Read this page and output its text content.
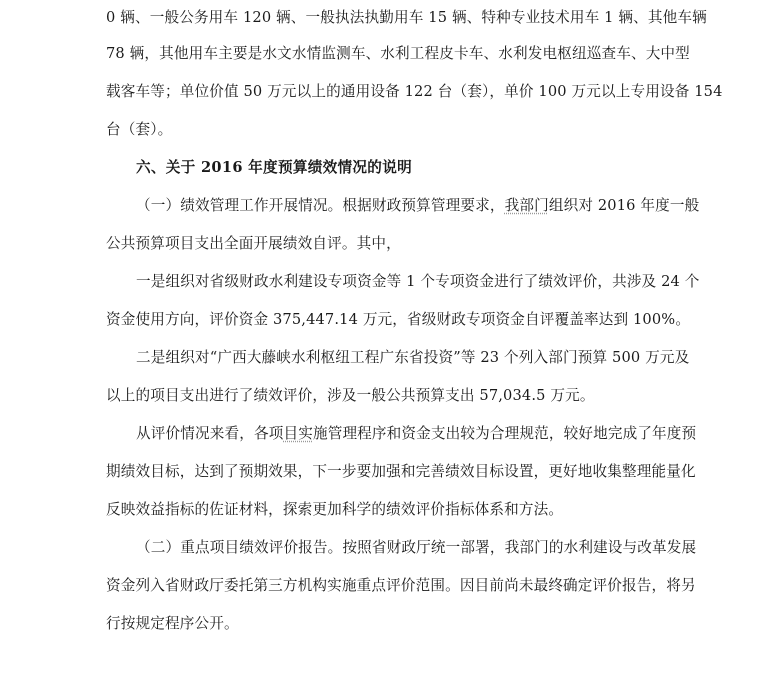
0 辆、一般公务用车 120 辆、一般执法执勤用车 15 辆、特种专业技术用车 1 辆、其他车辆
78 辆，其他用车主要是水文水情监测车、水利工程皮卡车、水利发电枢纽巡查车、大中型
载客车等；单位价值 50 万元以上的通用设备 122 台（套），单价 100 万元以上专用设备 154
台（套）。
六、关于 2016 年度预算绩效情况的说明
（一）绩效管理工作开展情况。根据财政预算管理要求，我部门组织对 2016 年度一般
公共预算项目支出全面开展绩效自评。其中，
一是组织对省级财政水利建设专项资金等 1 个专项资金进行了绩效评价，共涉及 24 个
资金使用方向，评价资金 375,447.14 万元，省级财政专项资金自评覆盖率达到 100%。
二是组织对“广西大藤峡水利枢纽工程广东省投资”等 23 个列入部门预算 500 万元及
以上的项目支出进行了绩效评价，涉及一般公共预算支出 57,034.5 万元。
从评价情况来看，各项目实施管理程序和资金支出较为合理规范，较好地完成了年度预
期绩效目标，达到了预期效果，下一步要加强和完善绩效目标设置，更好地收集整理能量化
反映效益指标的佐证材料，探索更加科学的绩效评价指标体系和方法。
（二）重点项目绩效评价报告。按照省财政厅统一部署，我部门的水利建设与改革发展
资金列入省财政厅委托第三方机构实施重点评价范围。因目前尚未最终确定评价报告，将另
行按规定程序公开。
